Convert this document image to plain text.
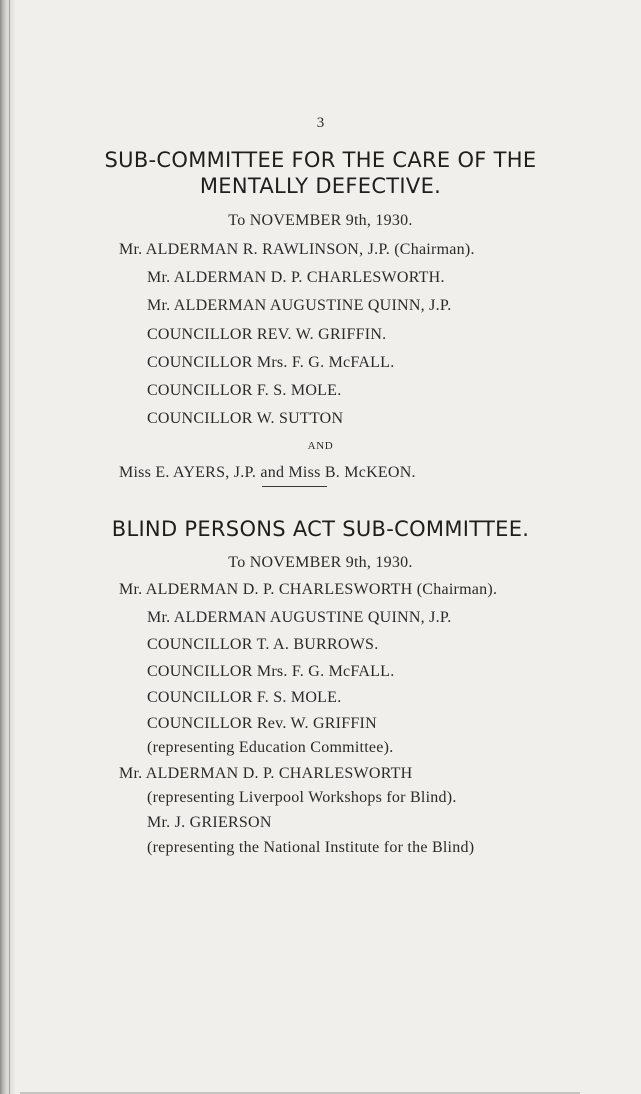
3
SUB-COMMITTEE FOR THE CARE OF THE
MENTALLY DEFECTIVE.
To NOVEMBER 9th, 1930.
Mr. ALDERMAN R. RAWLINSON, J.P. (Chairman).
Mr. ALDERMAN D. P. CHARLESWORTH.
Mr. ALDERMAN AUGUSTINE QUINN, J.P.
COUNCILLOR REV. W. GRIFFIN.
COUNCILLOR Mrs. F. G. McFALL.
COUNCILLOR F. S. MOLE.
COUNCILLOR W. SUTTON
AND
Miss E. AYERS, J.P. and Miss B. McKEON.
BLIND PERSONS ACT SUB-COMMITTEE.
To NOVEMBER 9th, 1930.
Mr. ALDERMAN D. P. CHARLESWORTH (Chairman).
Mr. ALDERMAN AUGUSTINE QUINN, J.P.
COUNCILLOR T. A. BURROWS.
COUNCILLOR Mrs. F. G. McFALL.
COUNCILLOR F. S. MOLE.
COUNCILLOR Rev. W. GRIFFIN
(representing Education Committee).
Mr. ALDERMAN D. P. CHARLESWORTH
(representing Liverpool Workshops for Blind).
Mr. J. GRIERSON
(representing the National Institute for the Blind)
